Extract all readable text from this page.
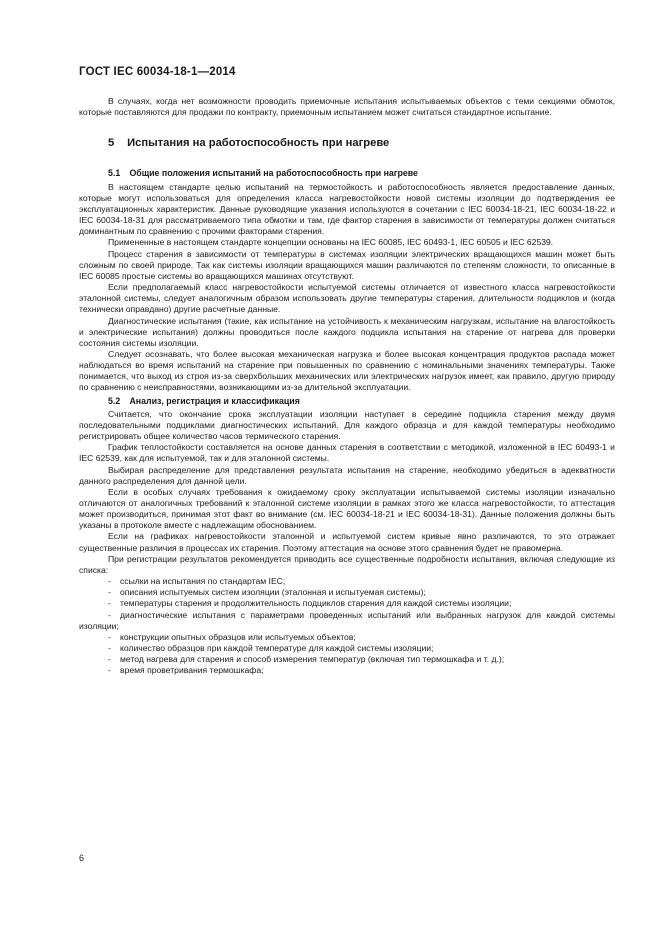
ГОСТ IEC 60034-18-1—2014

В случаях, когда нет возможности проводить приемочные испытания испытываемых объектов с теми секциями обмоток, которые поставляются для продажи по контракту, приемочным испытанием может считаться стандартное испытание.

5 Испытания на работоспособность при нагреве
5.1 Общие положения испытаний на работоспособность при нагреве

В настоящем стандарте целью испытаний на термостойкость и работоспособность является предоставление данных, которые могут использоваться для определения класса нагревостойкости новой системы изоляции до подтверждения ее эксплуатационных характеристик. Данные руководящие указания используются в сочетании с IEC 60034-18-21, IEC 60034-18-22 и IEC 60034-18-31 для рассматриваемого типа обмотки и там, где фактор старения в зависимости от температуры должен считаться доминантным по сравнению с прочими факторами старения.

Примененные в настоящем стандарте концепции основаны на IEC 60085, IEC 60493-1, IEC 60505 и IEC 62539.

Процесс старения в зависимости от температуры в системах изоляции электрических вращающихся машин может быть сложным по своей природе. Так как системы изоляции вращающихся машин различаются по степеням сложности, то описанные в IEC 60085 простые системы во вращающихся машинах отсутствуют.

Если предполагаемый класс нагревостойкости испытуемой системы отличается от известного класса нагревостойкости эталонной системы, следует аналогичным образом использовать другие температуры старения, длительности подциклов и (когда технически оправдано) другие расчетные данные.

Диагностические испытания (такие, как испытание на устойчивость к механическим нагрузкам, испытание на влагостойкость и электрические испытания) должны проводиться после каждого подцикла испытания на старение от нагрева для проверки состояния системы изоляции.

Следует осознавать, что более высокая механическая нагрузка и более высокая концентрация продуктов распада может наблюдаться во время испытаний на старение при повышенных по сравнению с номинальными значениях температуры. Также понимается, что выход из строя из-за сверхбольших механических или электрических нагрузок имеет, как правило, другую природу по сравнению с неисправностями, возникающими из-за длительной эксплуатации.

5.2 Анализ, регистрация и классификация

Считается, что окончание срока эксплуатации изоляции наступает в середине подцикла старения между двумя последовательными подциклами диагностических испытаний. Для каждого образца и для каждой температуры необходимо регистрировать общее количество часов термического старения.

График теплостойкости составляется на основе данных старения в соответствии с методикой, изложенной в IEC 60493-1 и IEC 62539, как для испытуемой, так и для эталонной системы.

Выбирая распределение для представления результата испытания на старение, необходимо убедиться в адекватности данного распределения для данной цели.

Если в особых случаях требования к ожидаемому сроку эксплуатации испытываемой системы изоляции изначально отличаются от аналогичных требований к эталонной системе изоляции в рамках этого же класса нагревостойкости, то аттестация может производиться, принимая этот факт во внимание (см. IEC 60034-18-21 и IEC 60034-18-31). Данные положения должны быть указаны в протоколе вместе с надлежащим обоснованием.

Если на графиках нагревостойкости эталонной и испытуемой систем кривые явно различаются, то это отражает существенные различия в процессах их старения. Поэтому аттестация на основе этого сравнения будет не правомерна.

При регистрации результатов рекомендуется приводить все существенные подробности испытания, включая следующие из списка:

- ссылки на испытания по стандартам IEC;
- описания испытуемых систем изоляции (эталонная и испытуемая системы);
- температуры старения и продолжительность подциклов старения для каждой системы изоляции;
- диагностические испытания с параметрами проведенных испытаний или выбранных нагрузок для каждой системы изоляции;
- конструкции опытных образцов или испытуемых объектов;
- количество образцов при каждой температуре для каждой системы изоляции;
- метод нагрева для старения и способ измерения температур (включая тип термошкафа и т. д.);
- время проветривания термошкафа;
6
